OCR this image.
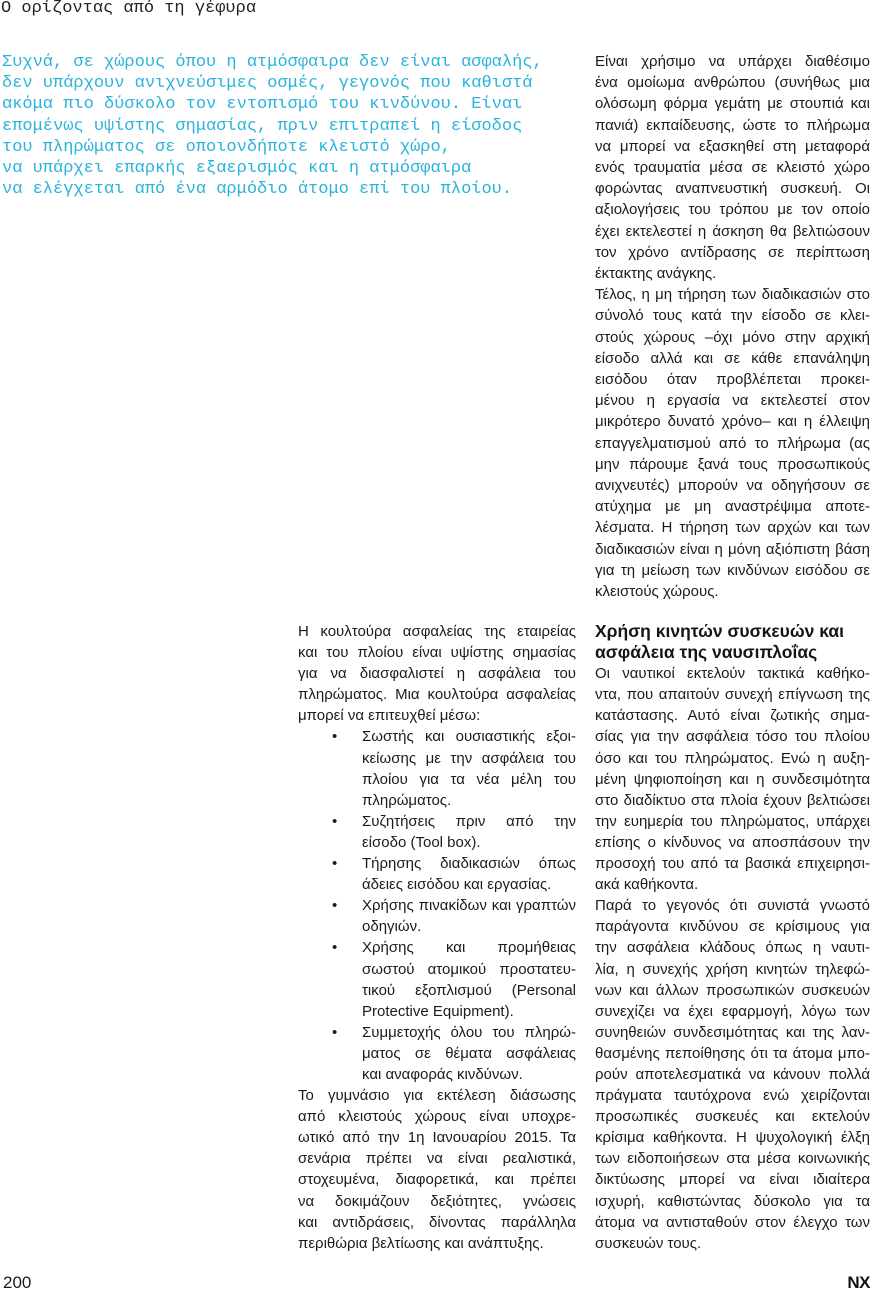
Ο ορίζοντας από τη γέφυρα
Συχνά, σε χώρους όπου η ατμόσφαιρα δεν είναι ασφαλής,
δεν υπάρχουν ανιχνεύσιμες οσμές, γεγονός που καθιστά
ακόμα πιο δύσκολο τον εντοπισμό του κινδύνου. Είναι
επομένως υψίστης σημασίας, πριν επιτραπεί η είσοδος
του πληρώματος σε οποιονδήποτε κλειστό χώρο,
να υπάρχει επαρκής εξαερισμός και η ατμόσφαιρα
να ελέγχεται από ένα αρμόδιο άτομο επί του πλοίου.
Είναι χρήσιμο να υπάρχει διαθέσιμο
ένα ομοίωμα ανθρώπου (συνήθως μια
ολόσωμη φόρμα γεμάτη με στουπιά και
πανιά) εκπαίδευσης, ώστε το πλήρωμα
να μπορεί να εξασκηθεί στη μεταφορά
ενός τραυματία μέσα σε κλειστό χώρο
φορώντας αναπνευστική συσκευή. Οι
αξιολογήσεις του τρόπου με τον οποίο
έχει εκτελεστεί η άσκηση θα βελτιώσουν
τον χρόνο αντίδρασης σε περίπτωση
έκτακτης ανάγκης.
Τέλος, η μη τήρηση των διαδικασιών στο
σύνολό τους κατά την είσοδο σε κλει-
στούς χώρους –όχι μόνο στην αρχική
είσοδο αλλά και σε κάθε επανάληψη
εισόδου όταν προβλέπεται προκει-
μένου η εργασία να εκτελεστεί στον
μικρότερο δυνατό χρόνο– και η έλλειψη
επαγγελματισμού από το πλήρωμα (ας
μην πάρουμε ξανά τους προσωπικούς
ανιχνευτές) μπορούν να οδηγήσουν σε
ατύχημα με μη αναστρέψιμα αποτε-
λέσματα. Η τήρηση των αρχών και των
διαδικασιών είναι η μόνη αξιόπιστη βάση
για τη μείωση των κινδύνων εισόδου σε
κλειστούς χώρους.
Η κουλτούρα ασφαλείας της εταιρείας
και του πλοίου είναι υψίστης σημασίας
για να διασφαλιστεί η ασφάλεια του
πληρώματος. Μια κουλτούρα ασφαλείας
μπορεί να επιτευχθεί μέσω:
• Σωστής και ουσιαστικής εξοι-
κείωσης με την ασφάλεια του
πλοίου για τα νέα μέλη του
πληρώματος.
• Συζητήσεις πριν από την
είσοδο (Tool box).
• Τήρησης διαδικασιών όπως
άδειες εισόδου και εργασίας.
• Χρήσης πινακίδων και γραπτών
οδηγιών.
• Χρήσης και προμήθειας
σωστού ατομικού προστατευ-
τικού εξοπλισμού (Personal
Protective Equipment).
• Συμμετοχής όλου του πληρώ-
ματος σε θέματα ασφάλειας
και αναφοράς κινδύνων.
Το γυμνάσιο για εκτέλεση διάσωσης
από κλειστούς χώρους είναι υποχρε-
ωτικό από την 1η Ιανουαρίου 2015. Τα
σενάρια πρέπει να είναι ρεαλιστικά,
στοχευμένα, διαφορετικά, και πρέπει
να δοκιμάζουν δεξιότητες, γνώσεις
και αντιδράσεις, δίνοντας παράλληλα
περιθώρια βελτίωσης και ανάπτυξης.
Χρήση κινητών συσκευών και
ασφάλεια της ναυσιπλοΐας
Οι ναυτικοί εκτελούν τακτικά καθήκο-
ντα, που απαιτούν συνεχή επίγνωση της
κατάστασης. Αυτό είναι ζωτικής σημα-
σίας για την ασφάλεια τόσο του πλοίου
όσο και του πληρώματος. Ενώ η αυξη-
μένη ψηφιοποίηση και η συνδεσιμότητα
στο διαδίκτυο στα πλοία έχουν βελτιώσει
την ευημερία του πληρώματος, υπάρχει
επίσης ο κίνδυνος να αποσπάσουν την
προσοχή του από τα βασικά επιχειρησι-
ακά καθήκοντα.
Παρά το γεγονός ότι συνιστά γνωστό
παράγοντα κινδύνου σε κρίσιμους για
την ασφάλεια κλάδους όπως η ναυτι-
λία, η συνεχής χρήση κινητών τηλεφώ-
νων και άλλων προσωπικών συσκευών
συνεχίζει να έχει εφαρμογή, λόγω των
συνηθειών συνδεσιμότητας και της λαν-
θασμένης πεποίθησης ότι τα άτομα μπο-
ρούν αποτελεσματικά να κάνουν πολλά
πράγματα ταυτόχρονα ενώ χειρίζονται
προσωπικές συσκευές και εκτελούν
κρίσιμα καθήκοντα. Η ψυχολογική έλξη
των ειδοποιήσεων στα μέσα κοινωνικής
δικτύωσης μπορεί να είναι ιδιαίτερα
ισχυρή, καθιστώντας δύσκολο για τα
άτομα να αντισταθούν στον έλεγχο των
συσκευών τους.
200	NX
